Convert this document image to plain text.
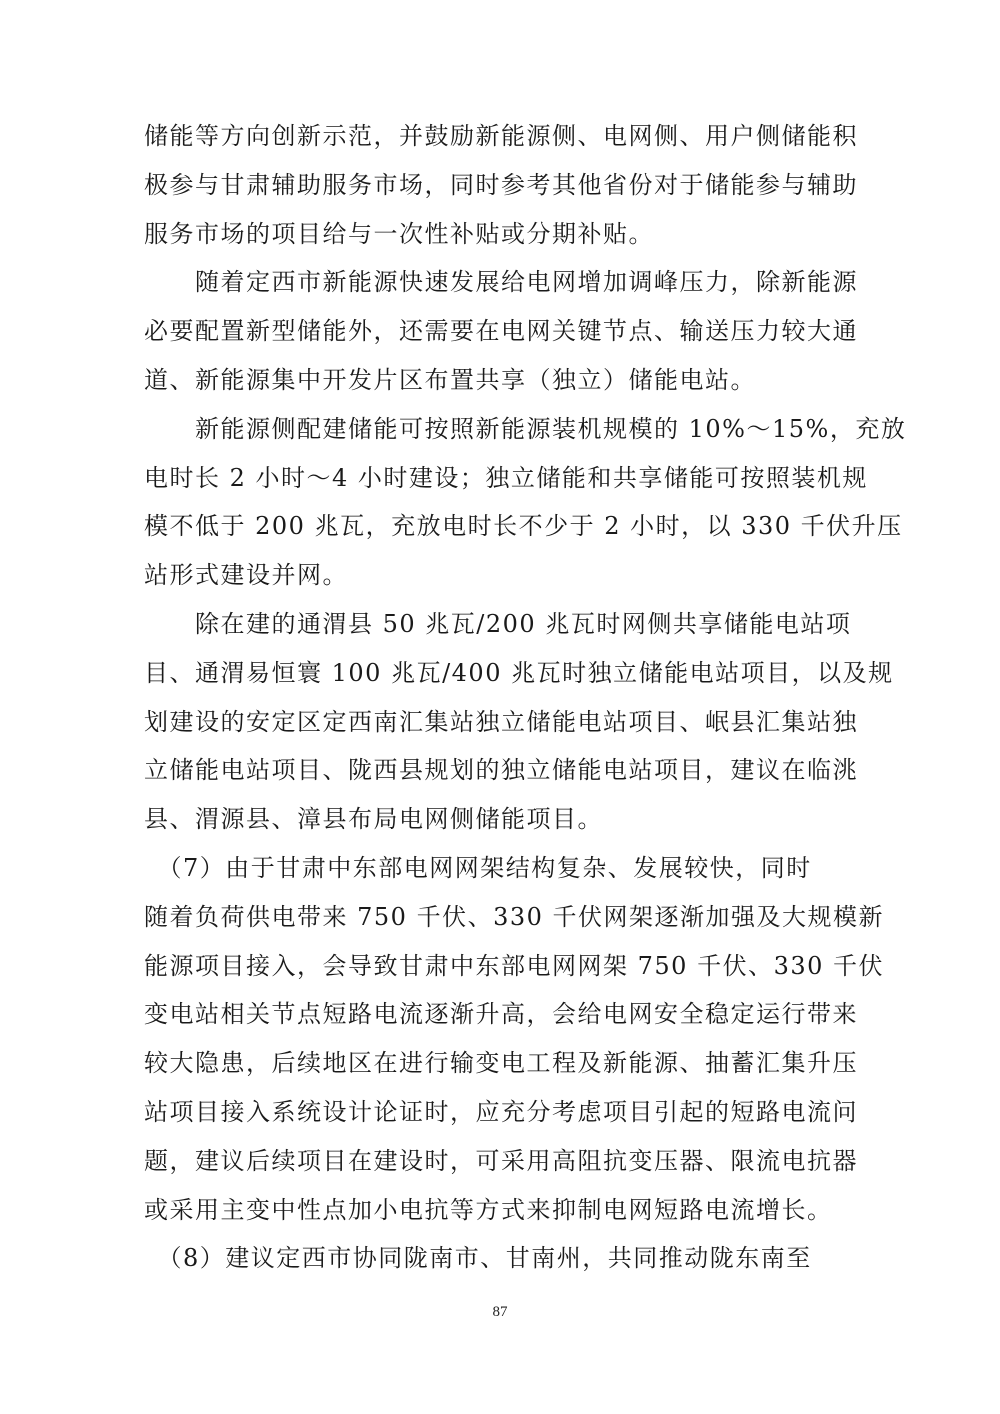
储能等方向创新示范，并鼓励新能源侧、电网侧、用户侧储能积
极参与甘肃辅助服务市场，同时参考其他省份对于储能参与辅助
服务市场的项目给与一次性补贴或分期补贴。

　　随着定西市新能源快速发展给电网增加调峰压力，除新能源
必要配置新型储能外，还需要在电网关键节点、输送压力较大通
道、新能源集中开发片区布置共享（独立）储能电站。

　　新能源侧配建储能可按照新能源装机规模的 10%～15%，充放
电时长 2 小时～4 小时建设；独立储能和共享储能可按照装机规
模不低于 200 兆瓦，充放电时长不少于 2 小时，以 330 千伏升压
站形式建设并网。

　　除在建的通渭县 50 兆瓦/200 兆瓦时网侧共享储能电站项
目、通渭易恒寰 100 兆瓦/400 兆瓦时独立储能电站项目，以及规
划建设的安定区定西南汇集站独立储能电站项目、岷县汇集站独
立储能电站项目、陇西县规划的独立储能电站项目，建议在临洮
县、渭源县、漳县布局电网侧储能项目。

　（7）由于甘肃中东部电网网架结构复杂、发展较快，同时
随着负荷供电带来 750 千伏、330 千伏网架逐渐加强及大规模新
能源项目接入，会导致甘肃中东部电网网架 750 千伏、330 千伏
变电站相关节点短路电流逐渐升高，会给电网安全稳定运行带来
较大隐患，后续地区在进行输变电工程及新能源、抽蓄汇集升压
站项目接入系统设计论证时，应充分考虑项目引起的短路电流问
题，建议后续项目在建设时，可采用高阻抗变压器、限流电抗器
或采用主变中性点加小电抗等方式来抑制电网短路电流增长。

　（8）建议定西市协同陇南市、甘南州，共同推动陇东南至

87
